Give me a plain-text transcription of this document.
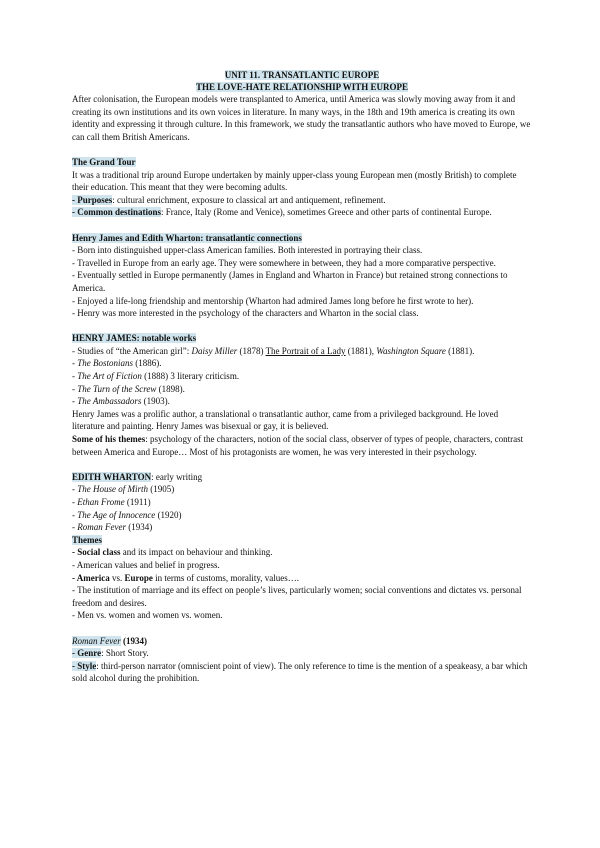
UNIT 11. TRANSATLANTIC EUROPE

THE LOVE-HATE RELATIONSHIP WITH EUROPE

After colonisation, the European models were transplanted to America, until America was slowly moving away from it and creating its own institutions and its own voices in literature. In many ways, in the 18th and 19th america is creating its own identity and expressing it through culture. In this framework, we study the transatlantic authors who have moved to Europe, we can call them British Americans.

The Grand Tour

It was a traditional trip around Europe undertaken by mainly upper-class young European men (mostly British) to complete their education. This meant that they were becoming adults.

- Purposes: cultural enrichment, exposure to classical art and antiquement, refinement.

- Common destinations: France, Italy (Rome and Venice), sometimes Greece and other parts of continental Europe.

Henry James and Edith Wharton: transatlantic connections

- Born into distinguished upper-class American families. Both interested in portraying their class.

- Travelled in Europe from an early age. They were somewhere in between, they had a more comparative perspective.

- Eventually settled in Europe permanently (James in England and Wharton in France) but retained strong connections to America.

- Enjoyed a life-long friendship and mentorship (Wharton had admired James long before he first wrote to her).

- Henry was more interested in the psychology of the characters and Wharton in the social class.

HENRY JAMES: notable works

- Studies of “the American girl”: Daisy Miller (1878) The Portrait of a Lady (1881), Washington Square (1881).

- The Bostonians (1886).

- The Art of Fiction (1888) 3 literary criticism.

- The Turn of the Screw (1898).

- The Ambassadors (1903).

Henry James was a prolific author, a translational o transatlantic author, came from a privileged background. He loved literature and painting. Henry James was bisexual or gay, it is believed.

Some of his themes: psychology of the characters, notion of the social class, observer of types of people, characters, contrast between America and Europe… Most of his protagonists are women, he was very interested in their psychology.

EDITH WHARTON: early writing

- The House of Mirth (1905)

- Ethan Frome (1911)

- The Age of Innocence (1920)

- Roman Fever (1934)

Themes

- Social class and its impact on behaviour and thinking.

- American values and belief in progress.

- America vs. Europe in terms of customs, morality, values….

- The institution of marriage and its effect on people’s lives, particularly women; social conventions and dictates vs. personal freedom and desires.

- Men vs. women and women vs. women.

Roman Fever (1934)

- Genre: Short Story.

- Style: third-person narrator (omniscient point of view). The only reference to time is the mention of a speakeasy, a bar which sold alcohol during the prohibition.
